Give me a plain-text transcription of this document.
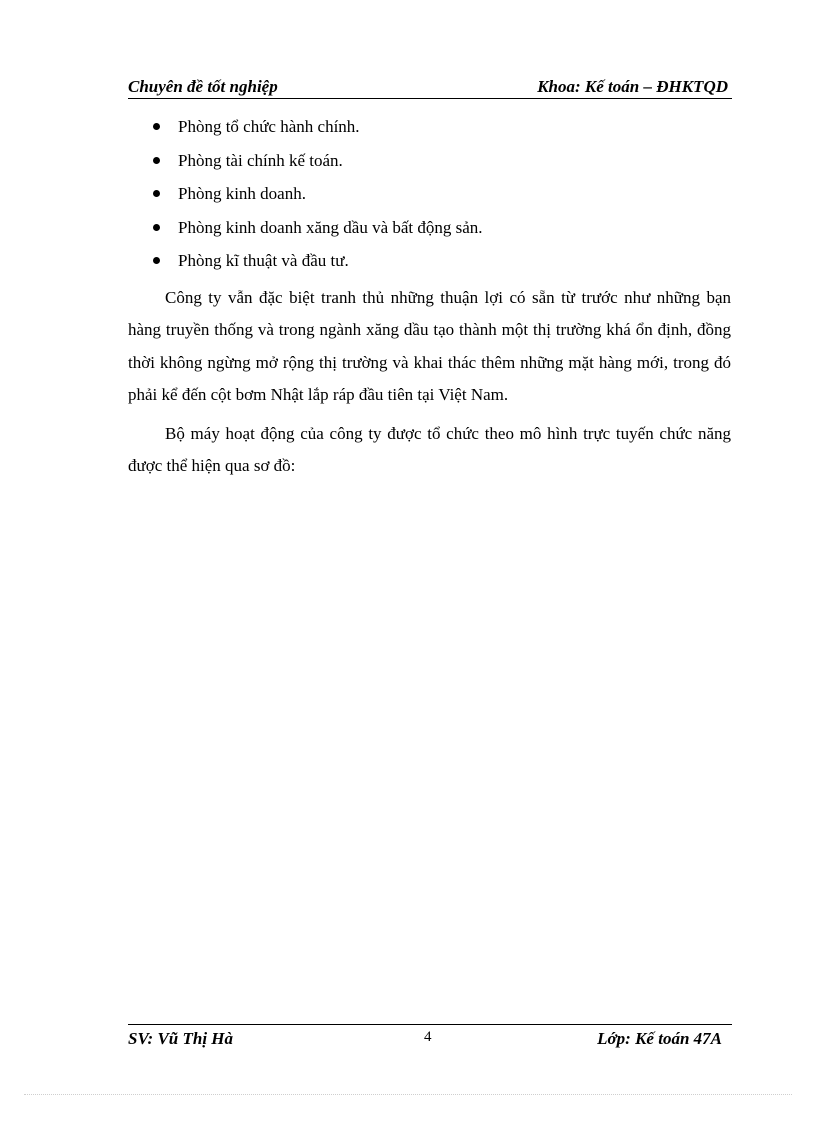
Chuyên đề tốt nghiệp	Khoa: Kế toán – ĐHKTQD
Phòng tổ chức hành chính.
Phòng tài chính kế toán.
Phòng kinh doanh.
Phòng kinh doanh xăng dầu và bất động sản.
Phòng kĩ thuật và đầu tư.

Công ty vẫn đặc biệt tranh thủ những thuận lợi có sẵn từ trước như những bạn hàng truyền thống và trong ngành xăng dầu tạo thành một thị trường khá ổn định, đồng thời không ngừng mở rộng thị trường và khai thác thêm những mặt hàng mới, trong đó phải kể đến cột bơm Nhật lắp ráp đầu tiên tại Việt Nam.

Bộ máy hoạt động của công ty được tổ chức theo mô hình trực tuyến chức năng được thể hiện qua sơ đồ:

SV: Vũ Thị Hà	4	Lớp: Kế toán 47A
